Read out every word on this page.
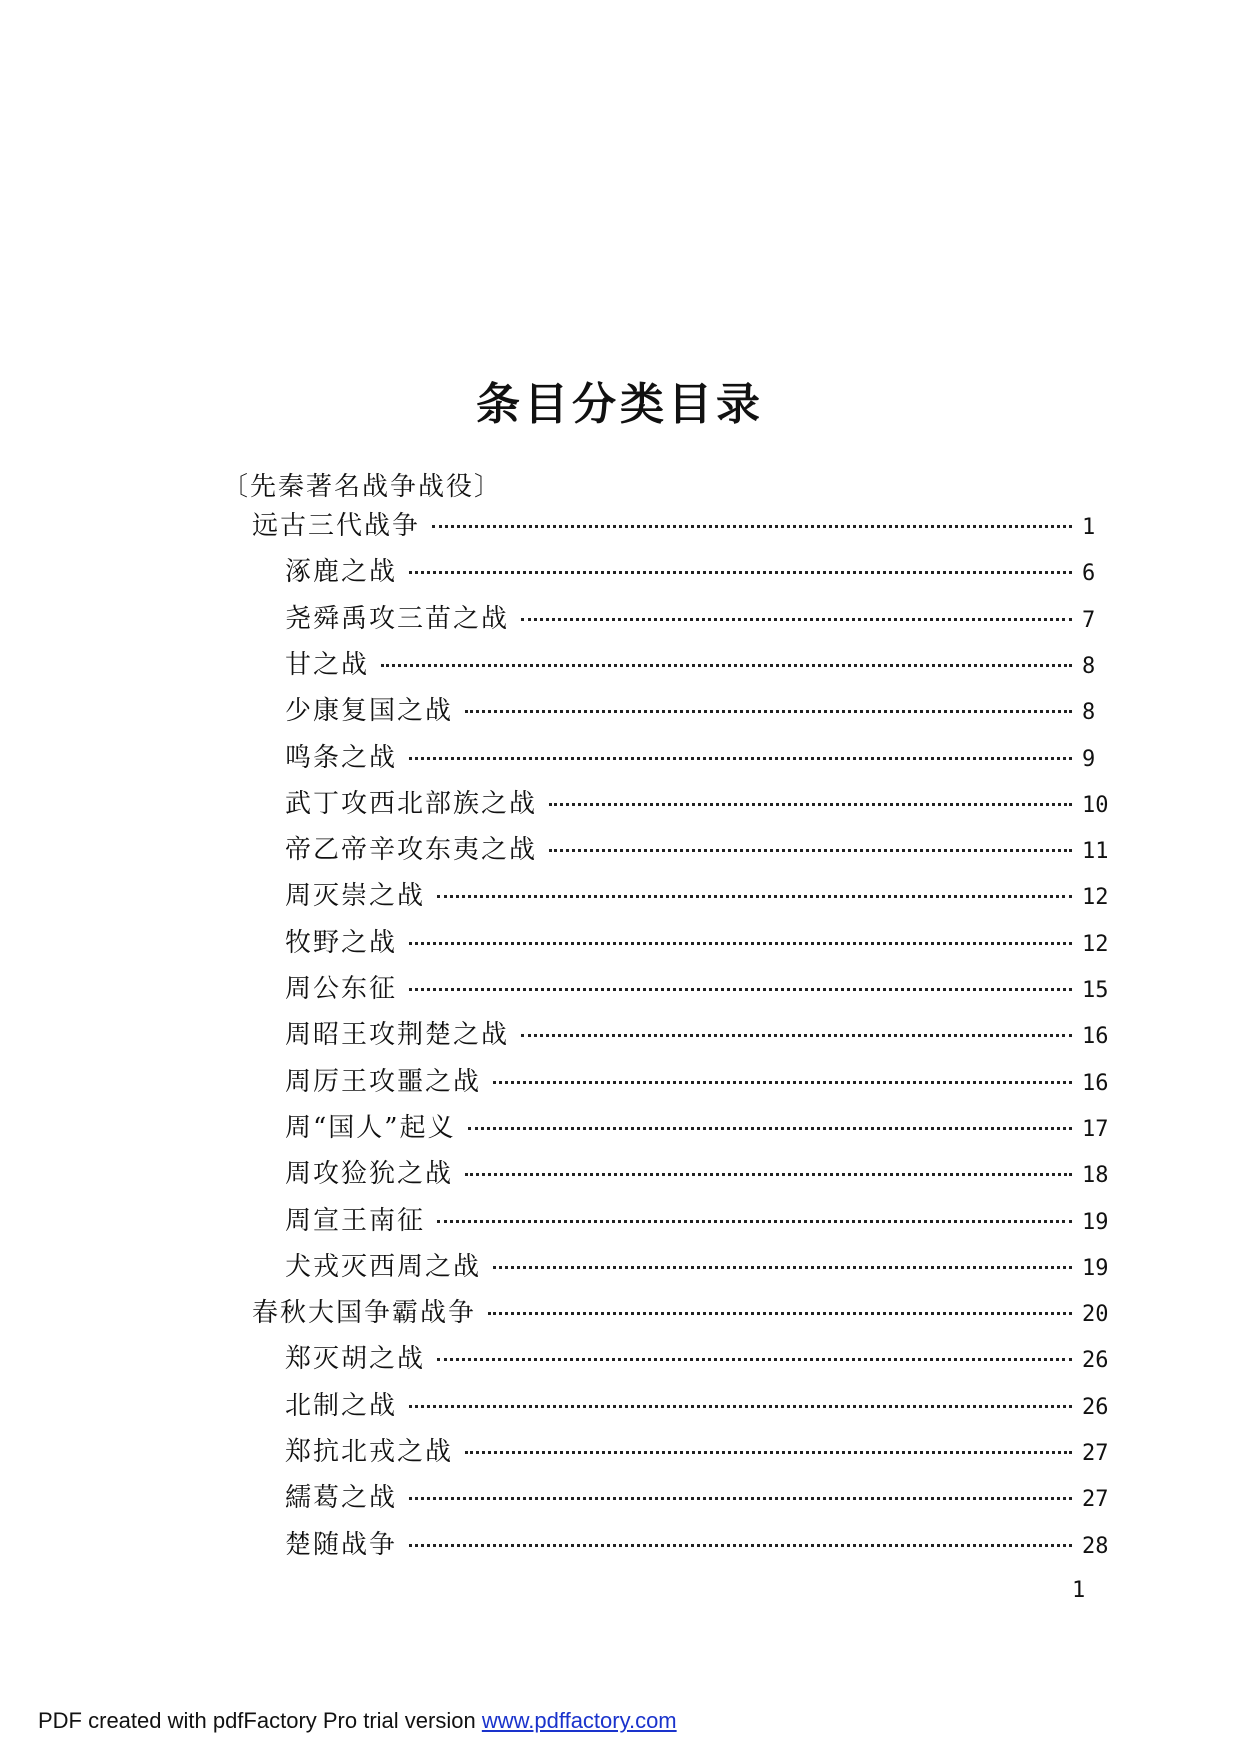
条目分类目录
〔先秦著名战争战役〕
远古三代战争	1
涿鹿之战	6
尧舜禹攻三苗之战	7
甘之战	8
少康复国之战	8
鸣条之战	9
武丁攻西北部族之战	10
帝乙帝辛攻东夷之战	11
周灭崇之战	12
牧野之战	12
周公东征	15
周昭王攻荆楚之战	16
周厉王攻噩之战	16
周“国人”起义	17
周攻猃狁之战	18
周宣王南征	19
犬戎灭西周之战	19
春秋大国争霸战争	20
郑灭胡之战	26
北制之战	26
郑抗北戎之战	27
繻葛之战	27
楚随战争	28
1
PDF created with pdfFactory Pro trial version www.pdffactory.com
